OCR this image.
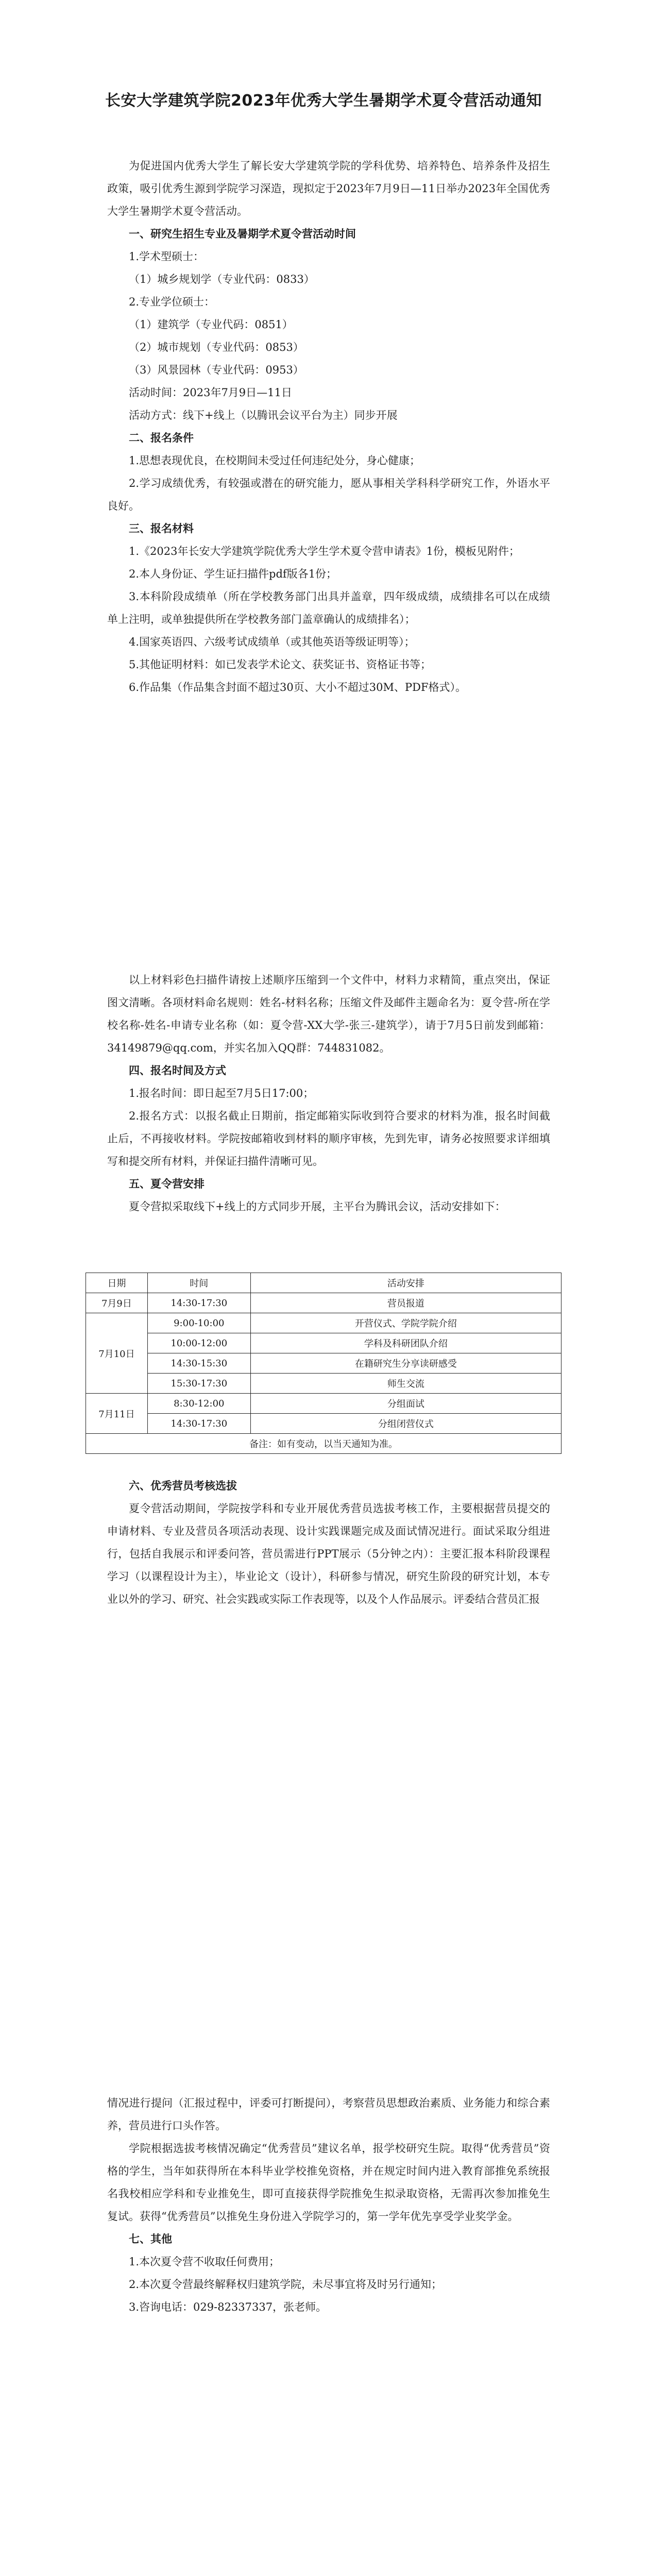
长安大学建筑学院2023年优秀大学生暑期学术夏令营活动通知
为促进国内优秀大学生了解长安大学建筑学院的学科优势、培养特色、培养条件及招生政策，吸引优秀生源到学院学习深造，现拟定于2023年7月9日—11日举办2023年全国优秀大学生暑期学术夏令营活动。
一、研究生招生专业及暑期学术夏令营活动时间
1.学术型硕士：
（1）城乡规划学（专业代码：0833）
2.专业学位硕士：
（1）建筑学（专业代码：0851）
（2）城市规划（专业代码：0853）
（3）风景园林（专业代码：0953）
活动时间：2023年7月9日—11日
活动方式：线下+线上（以腾讯会议平台为主）同步开展
二、报名条件
1.思想表现优良，在校期间未受过任何违纪处分，身心健康；
2.学习成绩优秀，有较强或潜在的研究能力，愿从事相关学科科学研究工作，外语水平良好。
三、报名材料
1.《2023年长安大学建筑学院优秀大学生学术夏令营申请表》1份，模板见附件；
2.本人身份证、学生证扫描件pdf版各1份；
3.本科阶段成绩单（所在学校教务部门出具并盖章，四年级成绩，成绩排名可以在成绩单上注明，或单独提供所在学校教务部门盖章确认的成绩排名）；
4.国家英语四、六级考试成绩单（或其他英语等级证明等）；
5.其他证明材料：如已发表学术论文、获奖证书、资格证书等；
6.作品集（作品集含封面不超过30页、大小不超过30M、PDF格式）。
以上材料彩色扫描件请按上述顺序压缩到一个文件中，材料力求精简，重点突出，保证图文清晰。各项材料命名规则：姓名-材料名称；压缩文件及邮件主题命名为：夏令营-所在学校名称-姓名-申请专业名称（如：夏令营-XX大学-张三-建筑学），请于7月5日前发到邮箱：34149879@qq.com，并实名加入QQ群：744831082。
四、报名时间及方式
1.报名时间：即日起至7月5日17:00；
2.报名方式：以报名截止日期前，指定邮箱实际收到符合要求的材料为准，报名时间截止后，不再接收材料。学院按邮箱收到材料的顺序审核，先到先审，请务必按照要求详细填写和提交所有材料，并保证扫描件清晰可见。
五、夏令营安排
夏令营拟采取线下+线上的方式同步开展，主平台为腾讯会议，活动安排如下：
日期	时间	活动安排
7月9日	14:30-17:30	营员报道
7月10日	9:00-10:00	开营仪式、学院学院介绍
	10:00-12:00	学科及科研团队介绍
	14:30-15:30	在籍研究生分享读研感受
	15:30-17:30	师生交流
7月11日	8:30-12:00	分组面试
	14:30-17:30	分组闭营仪式
备注：如有变动，以当天通知为准。		
六、优秀营员考核选拔
夏令营活动期间，学院按学科和专业开展优秀营员选拔考核工作，主要根据营员提交的申请材料、专业及营员各项活动表现、设计实践课题完成及面试情况进行。面试采取分组进行，包括自我展示和评委问答，营员需进行PPT展示（5分钟之内）：主要汇报本科阶段课程学习（以课程设计为主），毕业论文（设计），科研参与情况，研究生阶段的研究计划，本专业以外的学习、研究、社会实践或实际工作表现等，以及个人作品展示。评委结合营员汇报
情况进行提问（汇报过程中，评委可打断提问），考察营员思想政治素质、业务能力和综合素养，营员进行口头作答。
学院根据选拔考核情况确定“优秀营员”建议名单，报学校研究生院。取得“优秀营员”资格的学生，当年如获得所在本科毕业学校推免资格，并在规定时间内进入教育部推免系统报名我校相应学科和专业推免生，即可直接获得学院推免生拟录取资格，无需再次参加推免生复试。获得“优秀营员”以推免生身份进入学院学习的，第一学年优先享受学业奖学金。
七、其他
1.本次夏令营不收取任何费用；
2.本次夏令营最终解释权归建筑学院，未尽事宜将及时另行通知；
3.咨询电话：029-82337337，张老师。
